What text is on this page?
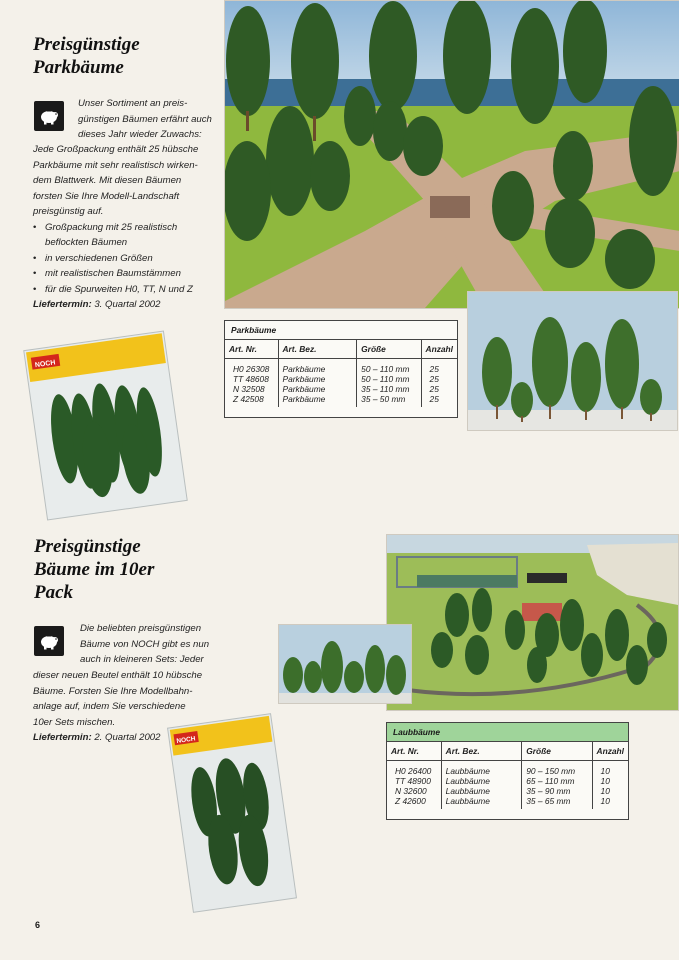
Preisgünstige
Parkbäume
Unser Sortiment an preis-
günstigen Bäumen erfährt auch
dieses Jahr wieder Zuwachs:
Jede Großpackung enthält 25 hübsche
Parkbäume mit sehr realistisch wirken-
dem Blattwerk. Mit diesen Bäumen
forsten Sie Ihre Modell-Landschaft
preisgünstig auf.
• Großpackung mit 25 realistisch
beflockten Bäumen
• in verschiedenen Größen
• mit realistischen Baumstämmen
• für die Spurweiten H0, TT, N und Z
Liefertermin: 3. Quartal 2002
NOCH
Parkbäume
Art. Nr.	Art. Bez.	Größe	Anzahl
H0 26308	Parkbäume	50 – 110 mm	25
TT 48608	Parkbäume	50 – 110 mm	25
N 32508	Parkbäume	35 – 110 mm	25
Z 42508	Parkbäume	35 – 50 mm	25
Preisgünstige
Bäume im 10er
Pack
Die beliebten preisgünstigen
Bäume von NOCH gibt es nun
auch in kleineren Sets: Jeder
dieser neuen Beutel enthält 10 hübsche
Bäume. Forsten Sie Ihre Modellbahn-
anlage auf, indem Sie verschiedene
10er Sets mischen.
Liefertermin: 2. Quartal 2002	NOCH
Laubbäume
Art. Nr.	Art. Bez.	Größe	Anzahl
H0 26400	Laubbäume	90 – 150 mm	10
TT 48900	Laubbäume	65 – 110 mm	10
N 32600	Laubbäume	35 – 90 mm	10
Z 42600	Laubbäume	35 – 65 mm	10
6
